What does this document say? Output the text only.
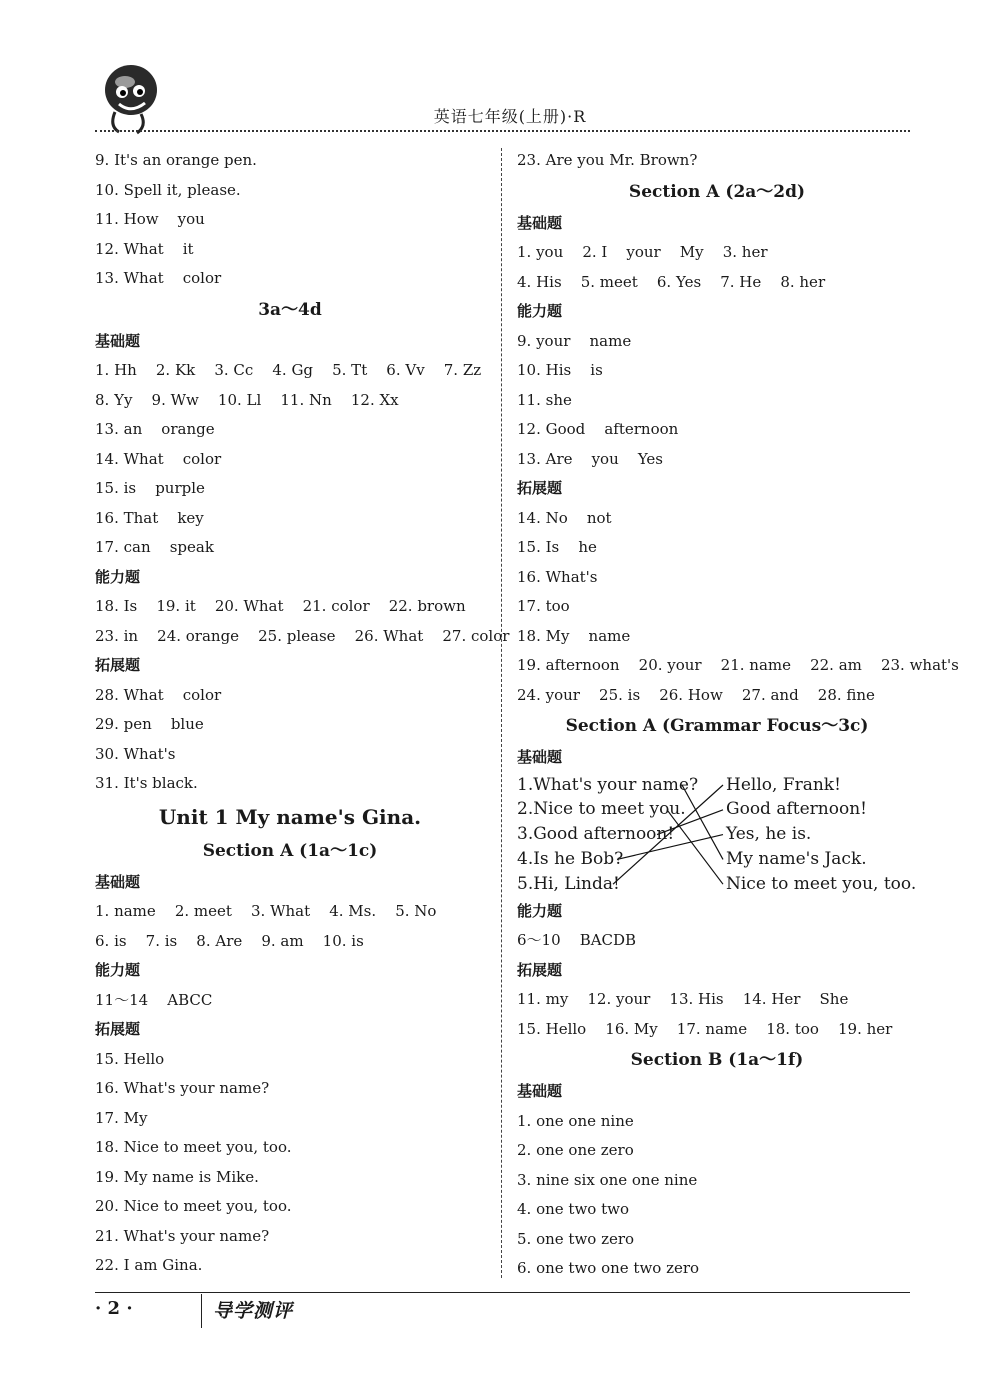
英语七年级(上册)·R
9. It's an orange pen.
10. Spell it, please.
11. How    you
12. What    it
13. What    color
3a～4d
基础题
1. Hh    2. Kk    3. Cc    4. Gg    5. Tt    6. Vv    7. Zz
8. Yy    9. Ww    10. Ll    11. Nn    12. Xx
13. an    orange
14. What    color
15. is    purple
16. That    key
17. can    speak
能力题
18. Is    19. it    20. What    21. color    22. brown
23. in    24. orange    25. please    26. What    27. color
拓展题
28. What    color
29. pen    blue
30. What's
31. It's black.
Unit 1 My name's Gina.
Section A (1a～1c)
基础题
1. name    2. meet    3. What    4. Ms.    5. No
6. is    7. is    8. Are    9. am    10. is
能力题
11～14    ABCC
拓展题
15. Hello
16. What's your name?
17. My
18. Nice to meet you, too.
19. My name is Mike.
20. Nice to meet you, too.
21. What's your name?
22. I am Gina.
23. Are you Mr. Brown?
Section A (2a～2d)
基础题
1. you    2. I    your    My    3. her
4. His    5. meet    6. Yes    7. He    8. her
能力题
9. your    name
10. His    is
11. she
12. Good    afternoon
13. Are    you    Yes
拓展题
14. No    not
15. Is    he
16. What's
17. too
18. My    name
19. afternoon    20. your    21. name    22. am    23. what's
24. your    25. is    26. How    27. and    28. fine
Section A (Grammar Focus～3c)
基础题
1.What's your name?
2.Nice to meet you.
3.Good afternoon!
4.Is he Bob?
5.Hi, Linda!
Hello, Frank!
Good afternoon!
Yes, he is.
My name's Jack.
Nice to meet you, too.
能力题
6～10    BACDB
拓展题
11. my    12. your    13. His    14. Her    She
15. Hello    16. My    17. name    18. too    19. her
Section B (1a～1f)
基础题
1. one one nine
2. one one zero
3. nine six one one nine
4. one two two
5. one two zero
6. one two one two zero
· 2 ·	导学测评
